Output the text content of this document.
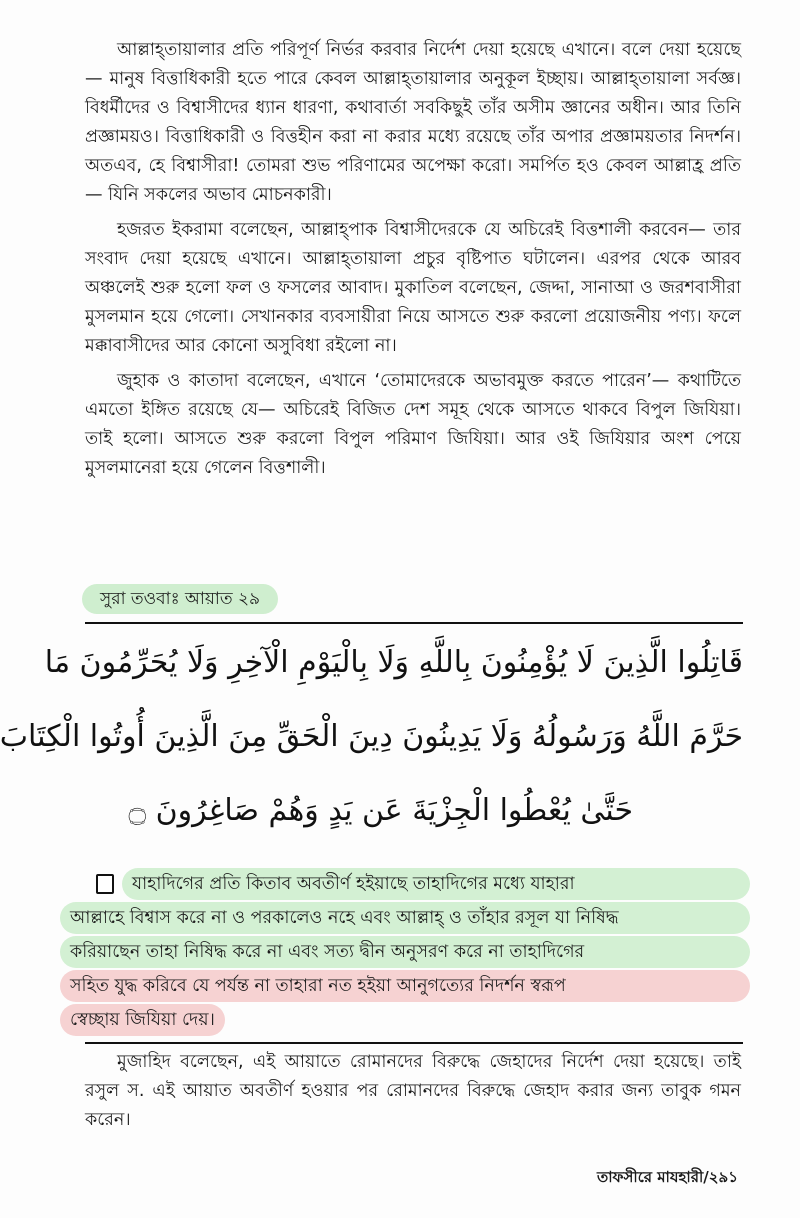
আল্লাহ্তায়ালার প্রতি পরিপূর্ণ নির্ভর করবার নির্দেশ দেয়া হয়েছে এখানে। বলে দেয়া হয়েছে— মানুষ বিত্তাধিকারী হতে পারে কেবল আল্লাহ্তায়ালার অনুকূল ইচ্ছায়। আল্লাহ্তায়ালা সর্বজ্ঞ। বিধর্মীদের ও বিশ্বাসীদের ধ্যান ধারণা, কথাবার্তা সবকিছুই তাঁর অসীম জ্ঞানের অধীন। আর তিনি প্রজ্ঞাময়ও। বিত্তাধিকারী ও বিত্তহীন করা না করার মধ্যে রয়েছে তাঁর অপার প্রজ্ঞাময়তার নিদর্শন। অতএব, হে বিশ্বাসীরা! তোমরা শুভ পরিণামের অপেক্ষা করো। সমর্পিত হও কেবল আল্লাহ্র প্রতি— যিনি সকলের অভাব মোচনকারী।

হজরত ইকরামা বলেছেন, আল্লাহ্পাক বিশ্বাসীদেরকে যে অচিরেই বিত্তশালী করবেন— তার সংবাদ দেয়া হয়েছে এখানে। আল্লাহ্তায়ালা প্রচুর বৃষ্টিপাত ঘটালেন। এরপর থেকে আরব অঞ্চলেই শুরু হলো ফল ও ফসলের আবাদ। মুকাতিল বলেছেন, জেদ্দা, সানাআ ও জরশবাসীরা মুসলমান হয়ে গেলো। সেখানকার ব্যবসায়ীরা নিয়ে আসতে শুরু করলো প্রয়োজনীয় পণ্য। ফলে মক্কাবাসীদের আর কোনো অসুবিধা রইলো না।

জুহাক ও কাতাদা বলেছেন, এখানে ‘তোমাদেরকে অভাবমুক্ত করতে পারেন’— কথাটিতে এমতো ইঙ্গিত রয়েছে যে— অচিরেই বিজিত দেশ সমূহ থেকে আসতে থাকবে বিপুল জিযিয়া। তাই হলো। আসতে শুরু করলো বিপুল পরিমাণ জিযিয়া। আর ওই জিযিয়ার অংশ পেয়ে মুসলমানেরা হয়ে গেলেন বিত্তশালী।

সুরা তওবাঃ আয়াত ২৯
قَاتِلُوا الَّذِينَ لَا يُؤْمِنُونَ بِاللَّهِ وَلَا بِالْيَوْمِ الْآخِرِ وَلَا يُحَرِّمُونَ مَا
حَرَّمَ اللَّهُ وَرَسُولُهُ وَلَا يَدِينُونَ دِينَ الْحَقِّ مِنَ الَّذِينَ أُوتُوا الْكِتَابَ
حَتَّىٰ يُعْطُوا الْجِزْيَةَ عَن يَدٍ وَهُمْ صَاغِرُونَ ۝
যাহাদিগের প্রতি কিতাব অবতীর্ণ হইয়াছে তাহাদিগের মধ্যে যাহারা
আল্লাহে বিশ্বাস করে না ও পরকালেও নহে এবং আল্লাহ্ ও তাঁহার রসূল যা নিষিদ্ধ
করিয়াছেন তাহা নিষিদ্ধ করে না এবং সত্য দ্বীন অনুসরণ করে না তাহাদিগের
সহিত যুদ্ধ করিবে যে পর্যন্ত না তাহারা নত হইয়া আনুগত্যের নিদর্শন স্বরূপ
স্বেচ্ছায় জিযিয়া দেয়।

মুজাহিদ বলেছেন, এই আয়াতে রোমানদের বিরুদ্ধে জেহাদের নির্দেশ দেয়া হয়েছে। তাই রসুল স. এই আয়াত অবতীর্ণ হওয়ার পর রোমানদের বিরুদ্ধে জেহাদ করার জন্য তাবুক গমন করেন।

তাফসীরে মাযহারী/২৯১
